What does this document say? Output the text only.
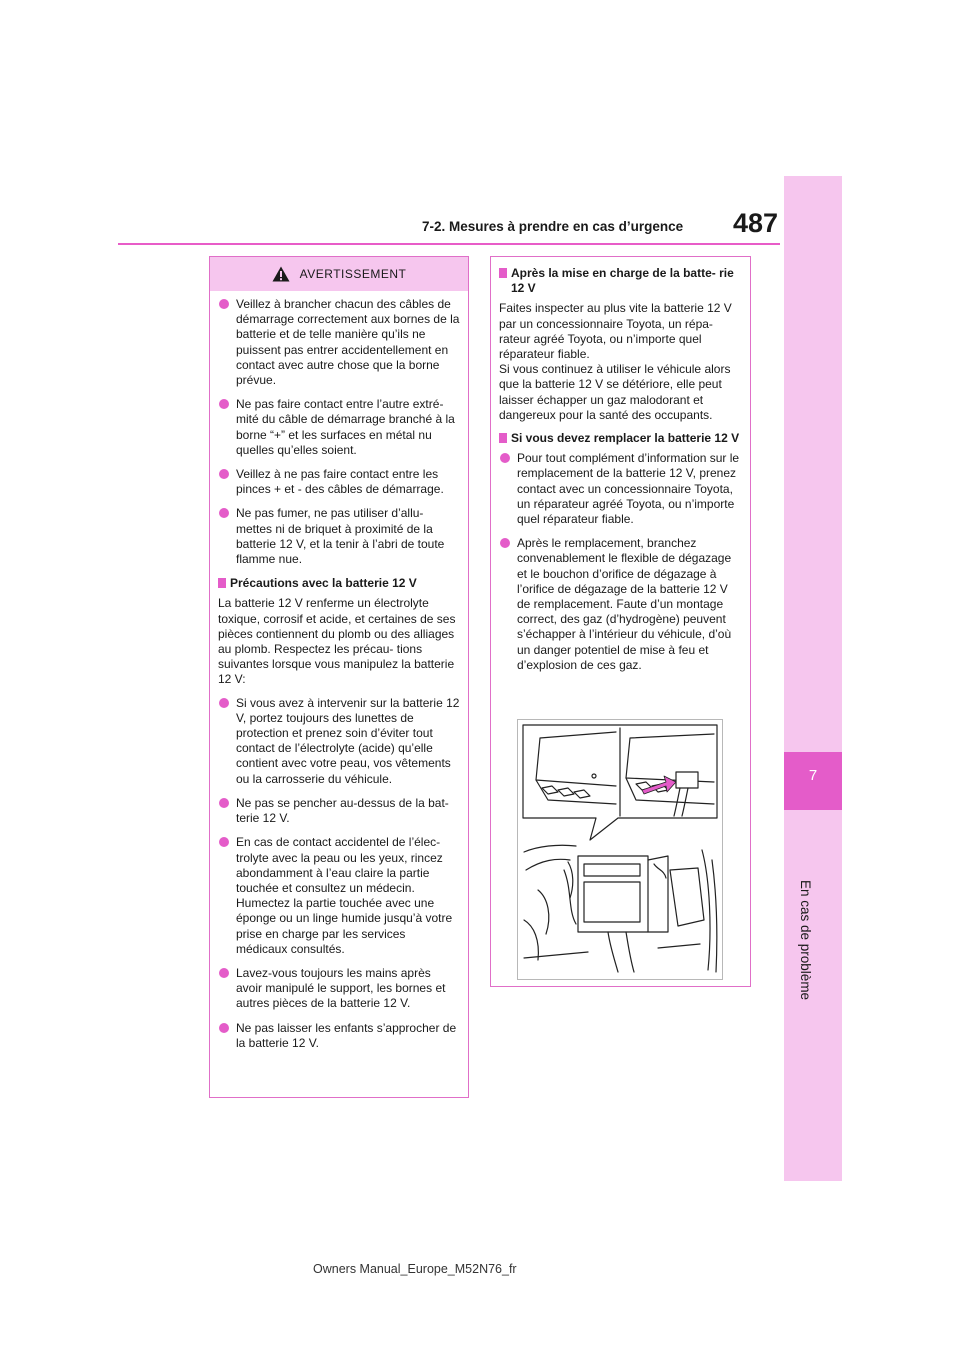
7-2. Mesures à prendre en cas d’urgence 487
7
En cas de problème
AVERTISSEMENT
Veillez à brancher chacun des câbles de démarrage correctement aux bornes de la batterie et de telle manière qu’ils ne puissent pas entrer accidentellement en contact avec autre chose que la borne prévue.
Ne pas faire contact entre l’autre extré- mité du câble de démarrage branché à la borne “+” et les surfaces en métal nu quelles qu’elles soient.
Veillez à ne pas faire contact entre les pinces + et - des câbles de démarrage.
Ne pas fumer, ne pas utiliser d’allu- mettes ni de briquet à proximité de la batterie 12 V, et la tenir à l’abri de toute flamme nue.
Précautions avec la batterie 12 V
La batterie 12 V renferme un électrolyte toxique, corrosif et acide, et certaines de ses pièces contiennent du plomb ou des alliages au plomb. Respectez les précau- tions suivantes lorsque vous manipulez la batterie 12 V:
Si vous avez à intervenir sur la batterie 12 V, portez toujours des lunettes de protection et prenez soin d’éviter tout contact de l’électrolyte (acide) qu’elle contient avec votre peau, vos vêtements ou la carrosserie du véhicule.
Ne pas se pencher au-dessus de la bat- terie 12 V.
En cas de contact accidentel de l’élec- trolyte avec la peau ou les yeux, rincez abondamment à l’eau claire la partie touchée et consultez un médecin. Humectez la partie touchée avec une éponge ou un linge humide jusqu’à votre prise en charge par les services médicaux consultés.
Lavez-vous toujours les mains après avoir manipulé le support, les bornes et autres pièces de la batterie 12 V.
Ne pas laisser les enfants s’approcher de la batterie 12 V.
Après la mise en charge de la batte- rie 12 V
Faites inspecter au plus vite la batterie 12 V par un concessionnaire Toyota, un répa- rateur agréé Toyota, ou n’importe quel réparateur fiable.
Si vous continuez à utiliser le véhicule alors que la batterie 12 V se détériore, elle peut laisser échapper un gaz malodorant et dangereux pour la santé des occupants.
Si vous devez remplacer la batterie 12 V
Pour tout complément d’information sur le remplacement de la batterie 12 V, prenez contact avec un concessionnaire Toyota, un réparateur agréé Toyota, ou n’importe quel réparateur fiable.
Après le remplacement, branchez convenablement le flexible de dégazage et le bouchon d’orifice de dégazage à l’orifice de dégazage de la batterie 12 V de remplacement. Faute d’un montage correct, des gaz (d’hydrogène) peuvent s’échapper à l’intérieur du véhicule, d’où un danger potentiel de mise à feu et d’explosion de ces gaz.
Owners Manual_Europe_M52N76_fr
